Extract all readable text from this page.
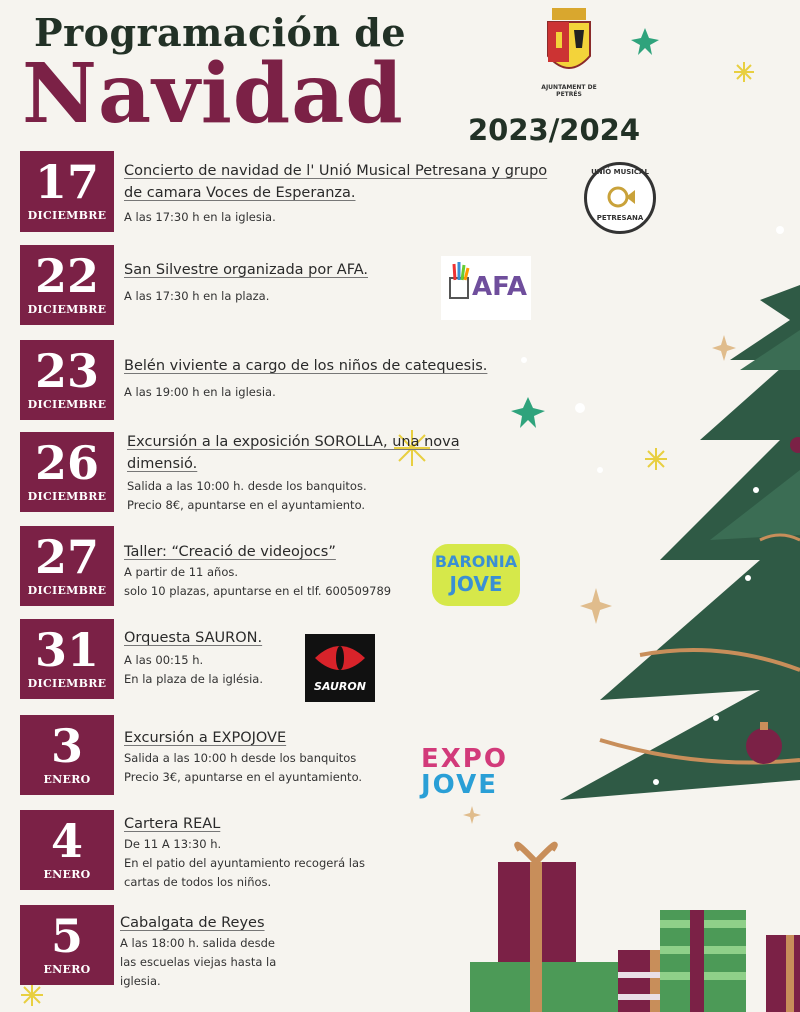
Programación de
Navidad 2023/2024
AJUNTAMENT DE PETRÉS
17
DICIEMBRE
22
DICIEMBRE
23
DICIEMBRE
26
DICIEMBRE
27
DICIEMBRE
31
DICIEMBRE
3
ENERO
4
ENERO
5
ENERO
Concierto de navidad de l' Unió Musical Petresana y grupo
de camara Voces de Esperanza.
A las 17:30 h en la iglesia.
San Silvestre organizada por AFA.
A las 17:30 h en la plaza.
Belén viviente a cargo de los niños de catequesis.
A las 19:00 h en la iglesia.
Excursión a la exposición SOROLLA, una nova
dimensió.
Salida a las 10:00 h. desde los banquitos.
Precio 8€, apuntarse en el ayuntamiento.
Taller: “Creació de videojocs”
A partir de 11 años.
solo 10 plazas, apuntarse en el tlf. 600509789
Orquesta SAURON.
A las 00:15 h.
En la plaza de la iglésia.
Excursión a EXPOJOVE
Salida a las 10:00 h desde los banquitos
Precio 3€, apuntarse en el ayuntamiento.
Cartera REAL
De 11 A 13:30 h.
En el patio del ayuntamiento recogerá las
cartas de todos los niños.
Cabalgata de Reyes
A las 18:00 h. salida desde
las escuelas viejas hasta la
iglesia.
UNIÓ MUSICAL
PETRESANA
AFA
BARONIA
JOVE
SAURON
EXPO
JOVE
